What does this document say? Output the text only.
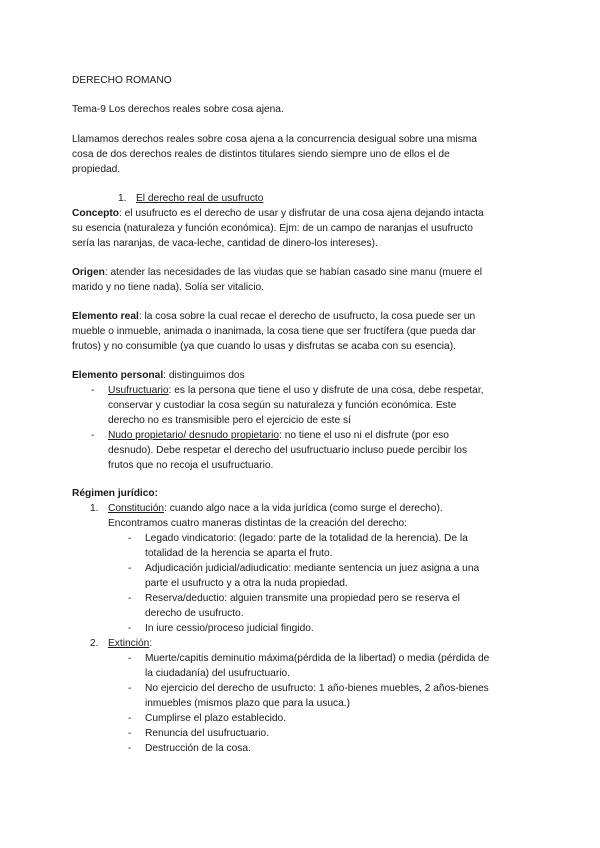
DERECHO ROMANO
Tema-9 Los derechos reales sobre cosa ajena.
Llamamos derechos reales sobre cosa ajena a la concurrencia desigual sobre una misma
cosa de dos derechos reales de distintos titulares siendo siempre uno de ellos el de
propiedad.
1. El derecho real de usufructo
Concepto: el usufructo es el derecho de usar y disfrutar de una cosa ajena dejando intacta
su esencia (naturaleza y función económica). Ejm: de un campo de naranjas el usufructo
sería las naranjas, de vaca-leche, cantidad de dinero-los intereses).
Origen: atender las necesidades de las viudas que se habían casado sine manu (muere el
marido y no tiene nada). Solía ser vitalicio.
Elemento real: la cosa sobre la cual recae el derecho de usufructo, la cosa puede ser un
mueble o inmueble, animada o inanimada, la cosa tiene que ser fructífera (que pueda dar
frutos) y no consumible (ya que cuando lo usas y disfrutas se acaba con su esencia).
Elemento personal: distinguimos dos
- Usufructuario: es la persona que tiene el uso y disfrute de una cosa, debe respetar,
conservar y custodiar la cosa según su naturaleza y función económica. Este
derecho no es transmisible pero el ejercicio de este sí
- Nudo propietario/ desnudo propietario: no tiene el uso ni el disfrute (por eso
desnudo). Debe respetar el derecho del usufructuario incluso puede percibir los
frutos que no recoja el usufructuario.
Régimen jurídico:
1. Constitución: cuando algo nace a la vida jurídica (como surge el derecho).
Encontramos cuatro maneras distintas de la creación del derecho:
- Legado vindicatorio: (legado: parte de la totalidad de la herencia). De la
totalidad de la herencia se aparta el fruto.
- Adjudicación judicial/adiudicatio: mediante sentencia un juez asigna a una
parte el usufructo y a otra la nuda propiedad.
- Reserva/deductio: alguien transmite una propiedad pero se reserva el
derecho de usufructo.
- In iure cessio/proceso judicial fingido.
2. Extinción:
- Muerte/capitis deminutio máxima(pérdida de la libertad) o media (pérdida de
la ciudadanía) del usufructuario.
- No ejercicio del derecho de usufructo: 1 año-bienes muebles, 2 años-bienes
inmuebles (mismos plazo que para la usuca.)
- Cumplirse el plazo establecido.
- Renuncia del usufructuario.
- Destrucción de la cosa.
